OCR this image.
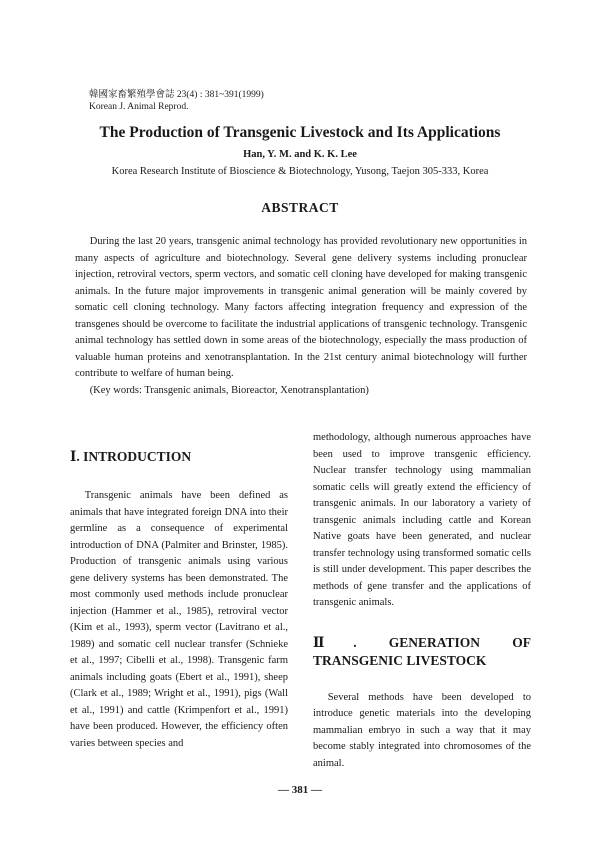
韓國家畜繁殖學會誌 23(4) : 381~391(1999)
Korean J. Animal Reprod.
The Production of Transgenic Livestock and Its Applications
Han, Y. M. and K. K. Lee
Korea Research Institute of Bioscience & Biotechnology, Yusong, Taejon 305-333, Korea
ABSTRACT

During the last 20 years, transgenic animal technology has provided revolutionary new opportunities in many aspects of agriculture and biotechnology. Several gene delivery systems including pronuclear injection, retroviral vectors, sperm vectors, and somatic cell cloning have developed for making transgenic animals. In the future major improvements in transgenic animal generation will be mainly covered by somatic cell cloning technology. Many factors affecting integration frequency and expression of the transgenes should be overcome to facilitate the industrial applications of transgenic technology. Transgenic animal technology has settled down in some areas of the biotechnology, especially the mass production of valuable human proteins and xenotransplantation. In the 21st century animal biotechnology will further contribute to welfare of human being.

(Key words: Transgenic animals, Bioreactor, Xenotransplantation)

Ⅰ. INTRODUCTION

Transgenic animals have been defined as animals that have integrated foreign DNA into their germline as a consequence of experimental introduction of DNA (Palmiter and Brinster, 1985). Production of transgenic animals using various gene delivery systems has been demonstrated. The most commonly used methods include pronuclear injection (Hammer et al., 1985), retroviral vector (Kim et al., 1993), sperm vector (Lavitrano et al., 1989) and somatic cell nuclear transfer (Schnieke et al., 1997; Cibelli et al., 1998). Transgenic farm animals including goats (Ebert et al., 1991), sheep (Clark et al., 1989; Wright et al., 1991), pigs (Wall et al., 1991) and cattle (Krimpenfort et al., 1991) have been produced. However, the efficiency often varies between species and

methodology, although numerous approaches have been used to improve transgenic efficiency. Nuclear transfer technology using mammalian somatic cells will greatly extend the efficiency of transgenic animals. In our laboratory a variety of transgenic animals including cattle and Korean Native goats have been generated, and nuclear transfer technology using transformed somatic cells is still under development. This paper describes the methods of gene transfer and the applications of transgenic animals.

Ⅱ. GENERATION OF TRANSGENIC LIVESTOCK

Several methods have been developed to introduce genetic materials into the developing mammalian embryo in such a way that it may become stably integrated into chromosomes of the animal.

— 381 —
